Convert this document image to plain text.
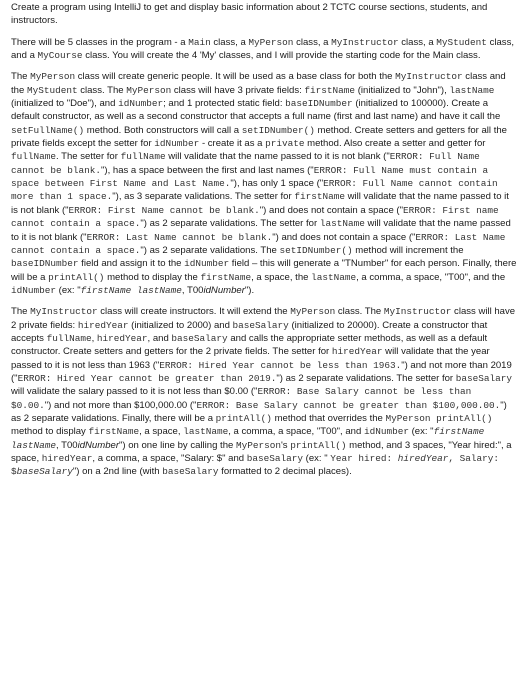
Create a program using IntelliJ to get and display basic information about 2 TCTC course sections, students, and instructors.

There will be 5 classes in the program - a Main class, a MyPerson class, a MyInstructor class, a MyStudent class, and a MyCourse class. You will create the 4 'My' classes, and I will provide the starting code for the Main class.

The MyPerson class will create generic people. It will be used as a base class for both the MyInstructor class and the MyStudent class. The MyPerson class will have 3 private fields: firstName (initialized to "John"), lastName (initialized to "Doe"), and idNumber; and 1 protected static field: baseIDNumber (initialized to 100000). Create a default constructor, as well as a second constructor that accepts a full name (first and last name) and have it call the setFullName() method. Both constructors will call a setIDNumber() method. Create setters and getters for all the private fields except the setter for idNumber - create it as a private method. Also create a setter and getter for fullName. The setter for fullName will validate that the name passed to it is not blank ("ERROR: Full Name cannot be blank."), has a space between the first and last names ("ERROR: Full Name must contain a space between First Name and Last Name."), has only 1 space ("ERROR: Full Name cannot contain more than 1 space."), as 3 separate validations. The setter for firstName will validate that the name passed to it is not blank ("ERROR: First Name cannot be blank.") and does not contain a space ("ERROR: First name cannot contain a space.") as 2 separate validations. The setter for lastName will validate that the name passed to it is not blank ("ERROR: Last Name cannot be blank.") and does not contain a space ("ERROR: Last Name cannot contain a space.") as 2 separate validations. The setIDNumber() method will increment the baseIDNumber field and assign it to the idNumber field – this will generate a "TNumber" for each person. Finally, there will be a printAll() method to display the firstName, a space, the lastName, a comma, a space, "T00", and the idNumber (ex: "firstName lastName, T00idNumber").

The MyInstructor class will create instructors. It will extend the MyPerson class. The MyInstructor class will have 2 private fields: hiredYear (initialized to 2000) and baseSalary (initialized to 20000). Create a constructor that accepts fullName, hiredYear, and baseSalary and calls the appropriate setter methods, as well as a default constructor. Create setters and getters for the 2 private fields. The setter for hiredYear will validate that the year passed to it is not less than 1963 ("ERROR: Hired Year cannot be less than 1963.") and not more than 2019 ("ERROR: Hired Year cannot be greater than 2019.") as 2 separate validations. The setter for baseSalary will validate the salary passed to it is not less than $0.00 ("ERROR: Base Salary cannot be less than $0.00.") and not more than $100,000.00 ("ERROR: Base Salary cannot be greater than $100,000.00.") as 2 separate validations. Finally, there will be a printAll() method that overrides the MyPerson printAll() method to display firstName, a space, lastName, a comma, a space, "T00", and idNumber (ex: "firstName lastName, T00idNumber") on one line by calling the MyPerson's printAll() method, and 3 spaces, "Year hired:", a space, hiredYear, a comma, a space, "Salary: $" and baseSalary (ex: " Year hired: hiredYear, Salary: $baseSalary") on a 2nd line (with baseSalary formatted to 2 decimal places).
